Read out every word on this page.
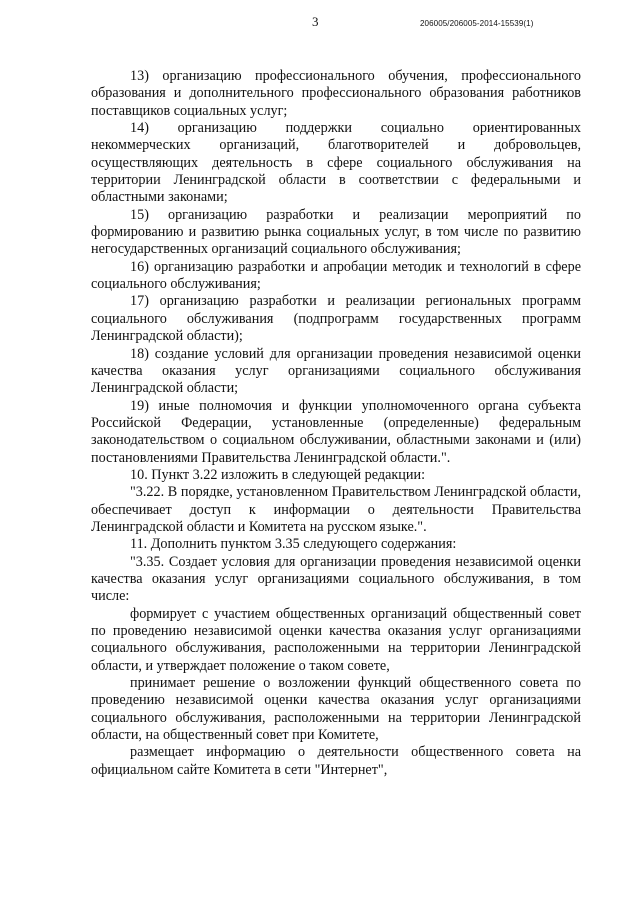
3	206005/206005-2014-15539(1)

13) организацию профессионального обучения, профессионального образования и дополнительного профессионального образования работников поставщиков социальных услуг;

14) организацию поддержки социально ориентированных некоммерческих организаций, благотворителей и добровольцев, осуществляющих деятельность в сфере социального обслуживания на территории Ленинградской области в соответствии с федеральными и областными законами;

15) организацию разработки и реализации мероприятий по формированию и развитию рынка социальных услуг, в том числе по развитию негосударственных организаций социального обслуживания;

16) организацию разработки и апробации методик и технологий в сфере социального обслуживания;

17) организацию разработки и реализации региональных программ социального обслуживания (подпрограмм государственных программ Ленинградской области);

18) создание условий для организации проведения независимой оценки качества оказания услуг организациями социального обслуживания Ленинградской области;

19) иные полномочия и функции уполномоченного органа субъекта Российской Федерации, установленные (определенные) федеральным законодательством о социальном обслуживании, областными законами и (или) постановлениями Правительства Ленинградской области.".

10. Пункт 3.22 изложить в следующей редакции:

"3.22. В порядке, установленном Правительством Ленинградской области, обеспечивает доступ к информации о деятельности Правительства Ленинградской области и Комитета на русском языке.".

11. Дополнить пунктом 3.35 следующего содержания:

"3.35. Создает условия для организации проведения независимой оценки качества оказания услуг организациями социального обслуживания, в том числе:

формирует с участием общественных организаций общественный совет по проведению независимой оценки качества оказания услуг организациями социального обслуживания, расположенными на территории Ленинградской области, и утверждает положение о таком совете,

принимает решение о возложении функций общественного совета по проведению независимой оценки качества оказания услуг организациями социального обслуживания, расположенными на территории Ленинградской области, на общественный совет при Комитете,

размещает информацию о деятельности общественного совета на официальном сайте Комитета в сети "Интернет",
